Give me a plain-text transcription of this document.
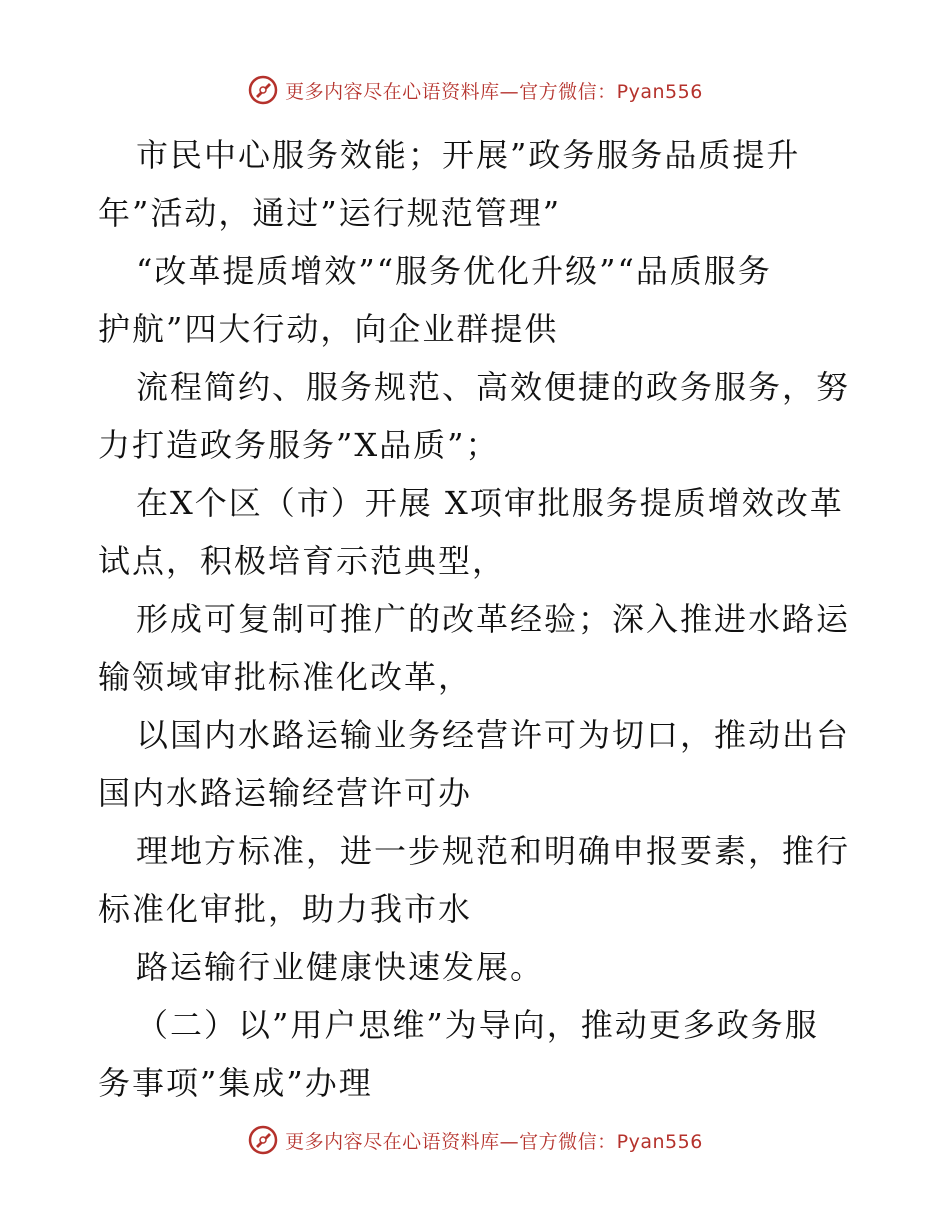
更多内容尽在心语资料库—官方微信：Pyan556
市民中心服务效能；开展”政务服务品质提升
年”活动，通过”运行规范管理”
“改革提质增效”“服务优化升级”“品质服务
护航”四大行动，向企业群提供
流程简约、服务规范、高效便捷的政务服务，努
力打造政务服务”X品质”；
在X个区（市）开展 X项审批服务提质增效改革
试点，积极培育示范典型，
形成可复制可推广的改革经验；深入推进水路运
输领域审批标准化改革，
以国内水路运输业务经营许可为切口，推动出台
国内水路运输经营许可办
理地方标准，进一步规范和明确申报要素，推行
标准化审批，助力我市水
路运输行业健康快速发展。
（二）以”用户思维”为导向，推动更多政务服
务事项”集成”办理
更多内容尽在心语资料库—官方微信：Pyan556
